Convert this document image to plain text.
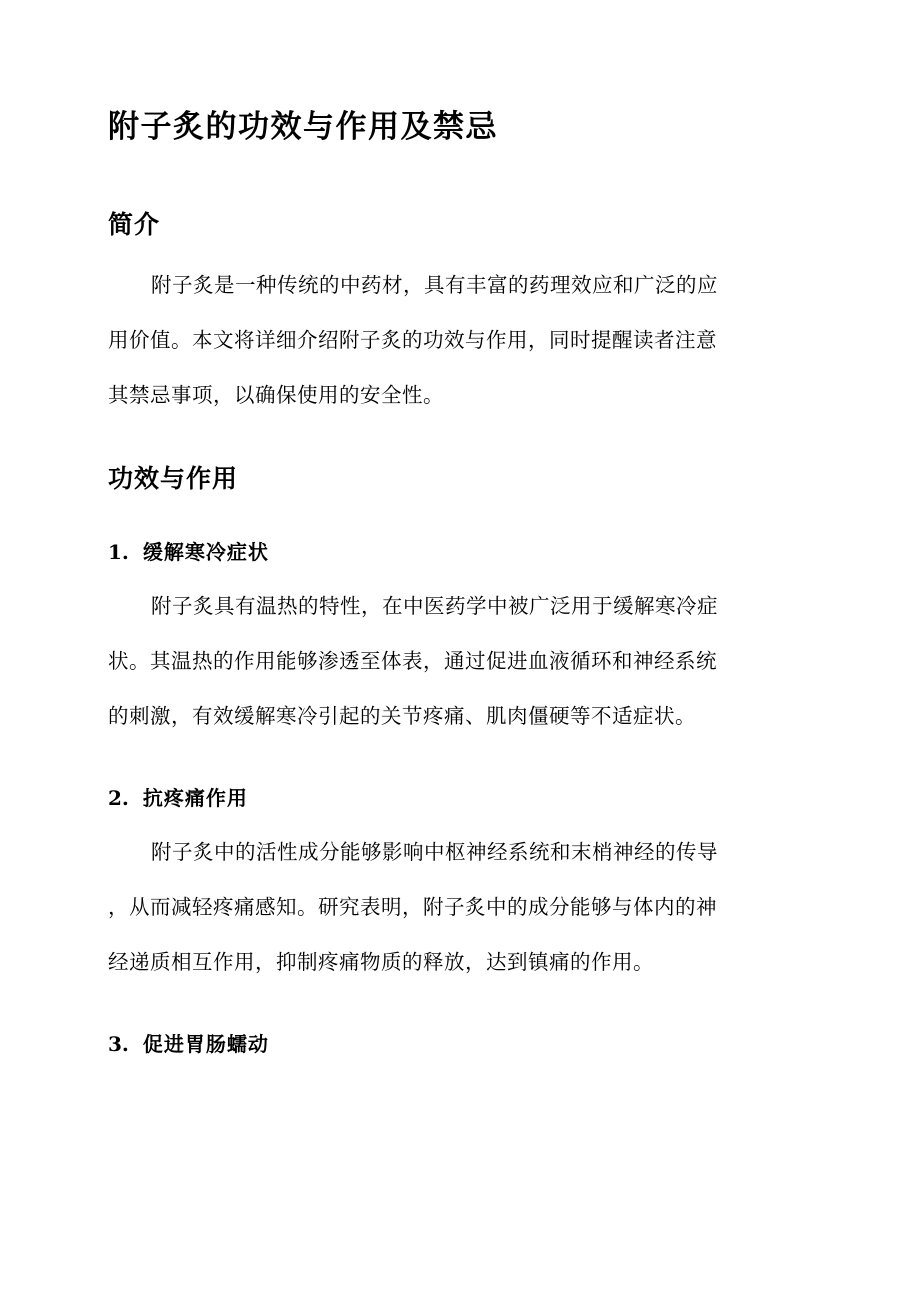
附子炙的功效与作用及禁忌
简介

附子炙是一种传统的中药材，具有丰富的药理效应和广泛的应
用价值。本文将详细介绍附子炙的功效与作用，同时提醒读者注意
其禁忌事项，以确保使用的安全性。

功效与作用
1. 缓解寒冷症状

附子炙具有温热的特性，在中医药学中被广泛用于缓解寒冷症
状。其温热的作用能够渗透至体表，通过促进血液循环和神经系统
的刺激，有效缓解寒冷引起的关节疼痛、肌肉僵硬等不适症状。

2. 抗疼痛作用

附子炙中的活性成分能够影响中枢神经系统和末梢神经的传导
，从而减轻疼痛感知。研究表明，附子炙中的成分能够与体内的神
经递质相互作用，抑制疼痛物质的释放，达到镇痛的作用。

3. 促进胃肠蠕动
